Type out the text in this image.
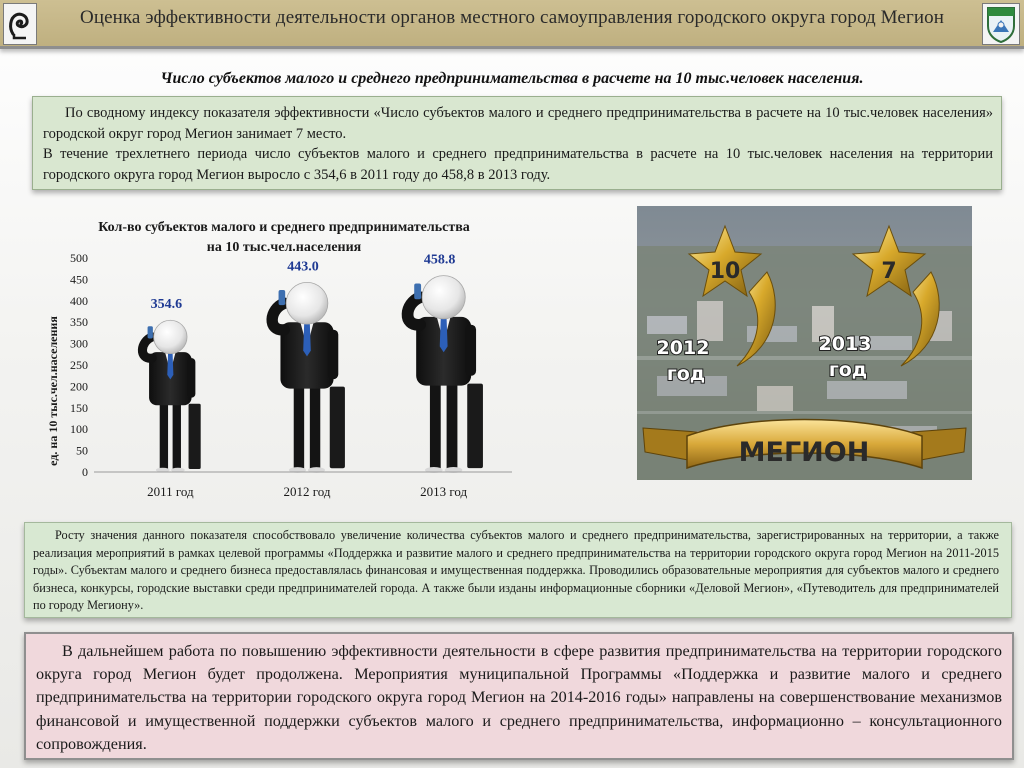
Оценка эффективности деятельности органов местного самоуправления городского округа город Мегион
Число субъектов малого и среднего предпринимательства в расчете на 10 тыс.человек населения.

По сводному индексу показателя эффективности «Число субъектов малого и среднего предпринимательства в расчете на 10 тыс.человек населения» городской округ город Мегион занимает 7 место.

В течение трехлетнего периода число субъектов малого и среднего предпринимательства в расчете на 10 тыс.человек населения на территории городского округа город Мегион выросло с 354,6 в 2011 году до 458,8 в 2013 году.

Кол-во субъектов малого и среднего предпринимательства на 10 тыс.чел.населения
ед. на 10 тыс.чел.населения
0
50
100
150
200
250
300
350
400
450
500
354.6
443.0	458.8
2011 год	2012 год	2013 год
10
2012
год
7
2013
год
МЕГИОН
Росту значения данного показателя способствовало увеличение количества субъектов малого и среднего предпринимательства, зарегистрированных на территории, а также реализация мероприятий в рамках целевой программы «Поддержка и развитие малого и среднего предпринимательства на территории городского округа город Мегион на 2011-2015 годы». Субъектам малого и среднего бизнеса предоставлялась финансовая и имущественная поддержка. Проводились образовательные мероприятия для субъектов малого и среднего бизнеса, конкурсы, городские выставки среди предпринимателей города. А также были изданы информационные сборники «Деловой Мегион», «Путеводитель для предпринимателей по городу Мегиону».
В дальнейшем работа по повышению эффективности деятельности в сфере развития предпринимательства на территории городского округа город Мегион будет продолжена. Мероприятия муниципальной Программы «Поддержка и развитие малого и среднего предпринимательства на территории городского округа город Мегион на 2014-2016 годы» направлены на совершенствование механизмов финансовой и имущественной поддержки субъектов малого и среднего предпринимательства, информационно – консультационного сопровождения.
